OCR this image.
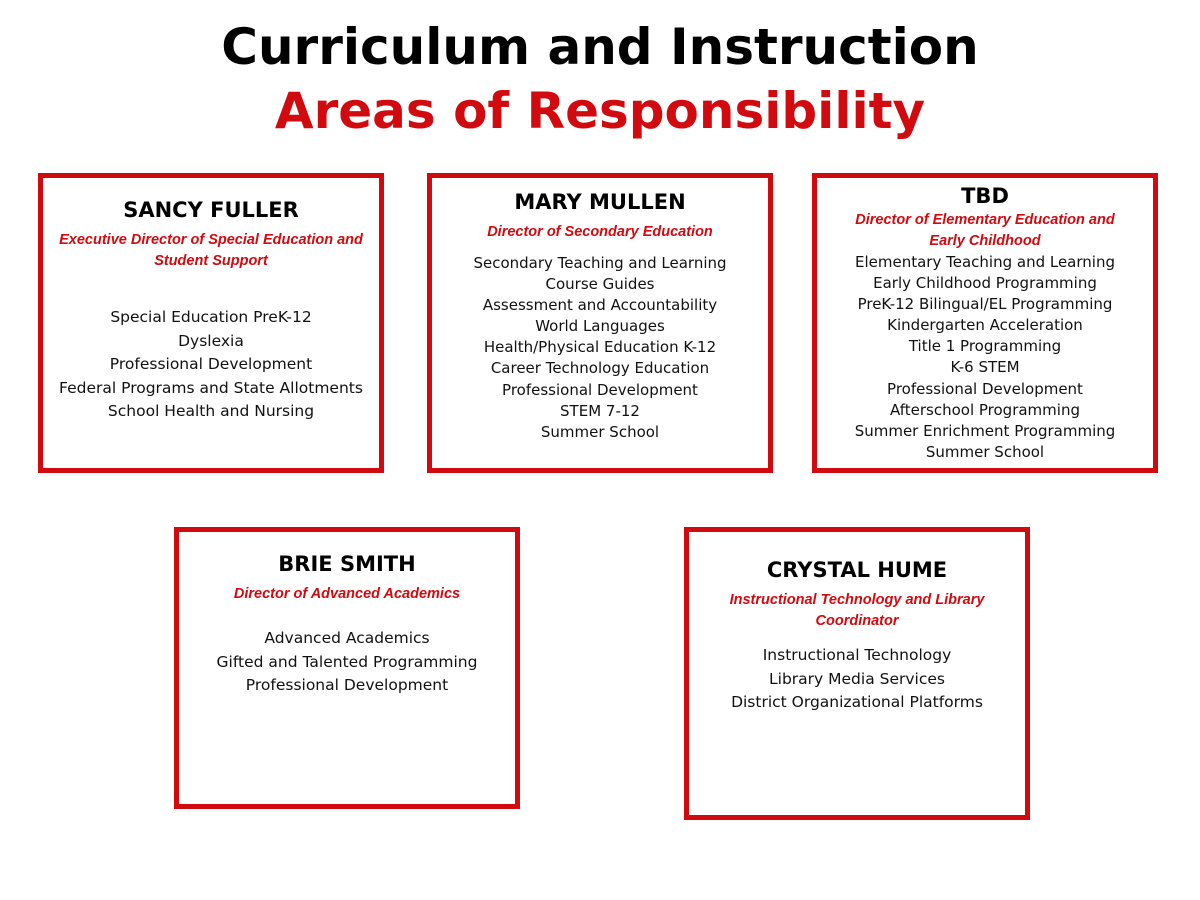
Curriculum and Instruction
Areas of Responsibility

SANCY FULLER

Executive Director of Special Education and Student Support

Special Education PreK-12
Dyslexia
Professional Development
Federal Programs and State Allotments
School Health and Nursing

MARY MULLEN

Director of Secondary Education

Secondary Teaching and Learning
Course Guides
Assessment and Accountability
World Languages
Health/Physical Education K-12
Career Technology Education
Professional Development
STEM 7-12
Summer School

TBD

Director of Elementary Education and Early Childhood

Elementary Teaching and Learning
Early Childhood Programming
PreK-12 Bilingual/EL Programming
Kindergarten Acceleration
Title 1 Programming
K-6 STEM
Professional Development
Afterschool Programming
Summer Enrichment Programming
Summer School

BRIE SMITH

Director of Advanced Academics

Advanced Academics
Gifted and Talented Programming
Professional Development

CRYSTAL HUME

Instructional Technology and Library Coordinator

Instructional Technology
Library Media Services
District Organizational Platforms
